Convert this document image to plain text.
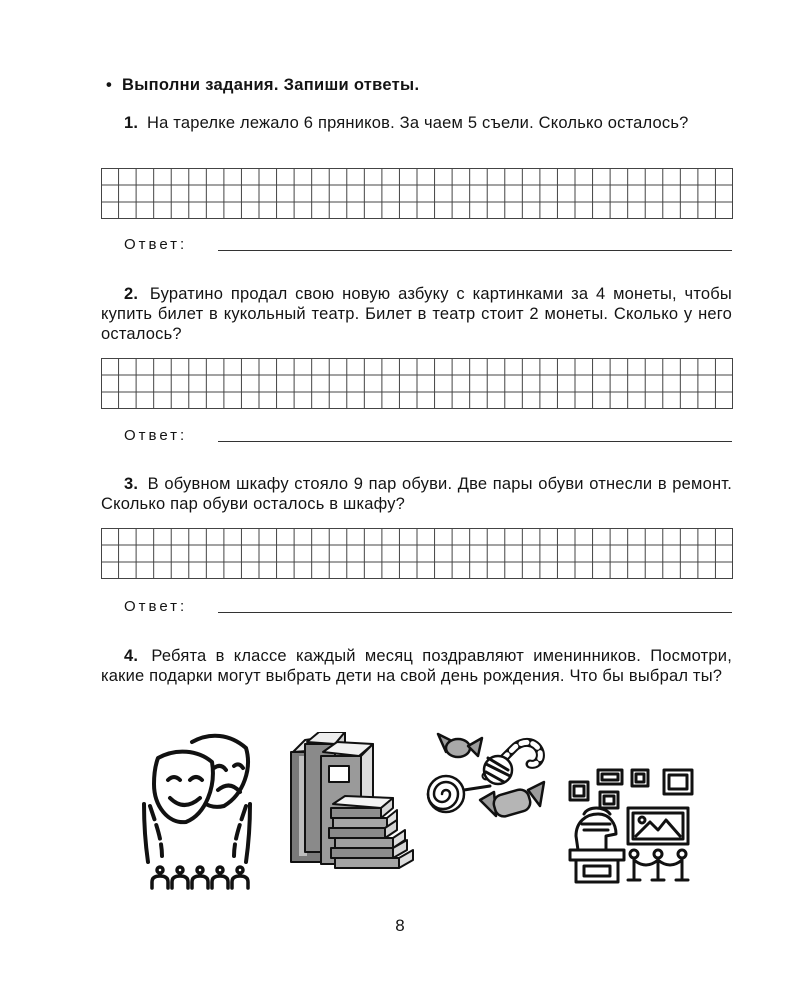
• Выполни задания. Запиши ответы.
1. На тарелке лежало 6 пряников. За чаем 5 съели. Сколько осталось?
Ответ:
2. Буратино продал свою новую азбуку с картинками за 4 монеты, чтобы купить билет в кукольный театр. Билет в театр стоит 2 монеты. Сколько у него осталось?
Ответ:
3. В обувном шкафу стояло 9 пар обуви. Две пары обуви отнесли в ремонт. Сколько пар обуви осталось в шкафу?
Ответ:
4. Ребята в классе каждый месяц поздравляют именинников. Посмотри, какие подарки могут выбрать дети на свой день рождения. Что бы выбрал ты?
8
